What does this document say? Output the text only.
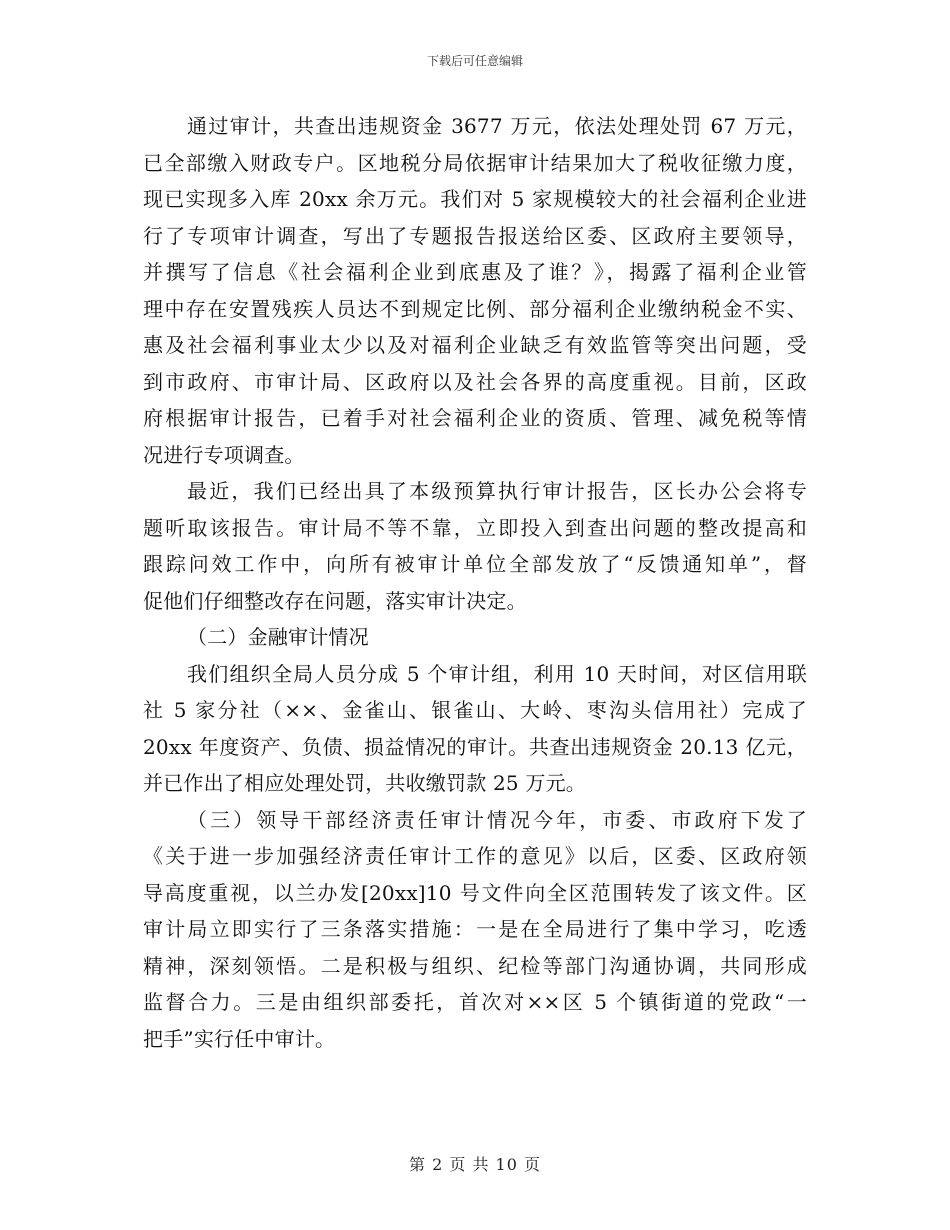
下载后可任意编辑
通过审计，共查出违规资金 3677 万元，依法处理处罚 67 万元，
已全部缴入财政专户。区地税分局依据审计结果加大了税收征缴力度，
现已实现多入库 20xx 余万元。我们对 5 家规模较大的社会福利企业进
行了专项审计调查，写出了专题报告报送给区委、区政府主要领导，
并撰写了信息《社会福利企业到底惠及了谁？》，揭露了福利企业管
理中存在安置残疾人员达不到规定比例、部分福利企业缴纳税金不实、
惠及社会福利事业太少以及对福利企业缺乏有效监管等突出问题，受
到市政府、市审计局、区政府以及社会各界的高度重视。目前，区政
府根据审计报告，已着手对社会福利企业的资质、管理、减免税等情
况进行专项调查。
最近，我们已经出具了本级预算执行审计报告，区长办公会将专
题听取该报告。审计局不等不靠，立即投入到查出问题的整改提高和
跟踪问效工作中，向所有被审计单位全部发放了“反馈通知单”，督
促他们仔细整改存在问题，落实审计决定。
（二）金融审计情况
我们组织全局人员分成 5 个审计组，利用 10 天时间，对区信用联
社 5 家分社（××、金雀山、银雀山、大岭、枣沟头信用社）完成了
20xx 年度资产、负债、损益情况的审计。共查出违规资金 20.13 亿元，
并已作出了相应处理处罚，共收缴罚款 25 万元。
（三）领导干部经济责任审计情况今年，市委、市政府下发了
《关于进一步加强经济责任审计工作的意见》以后，区委、区政府领
导高度重视，以兰办发[20xx]10 号文件向全区范围转发了该文件。区
审计局立即实行了三条落实措施：一是在全局进行了集中学习，吃透
精神，深刻领悟。二是积极与组织、纪检等部门沟通协调，共同形成
监督合力。三是由组织部委托，首次对××区 5 个镇街道的党政“一
把手”实行任中审计。
第 2 页 共 10 页
